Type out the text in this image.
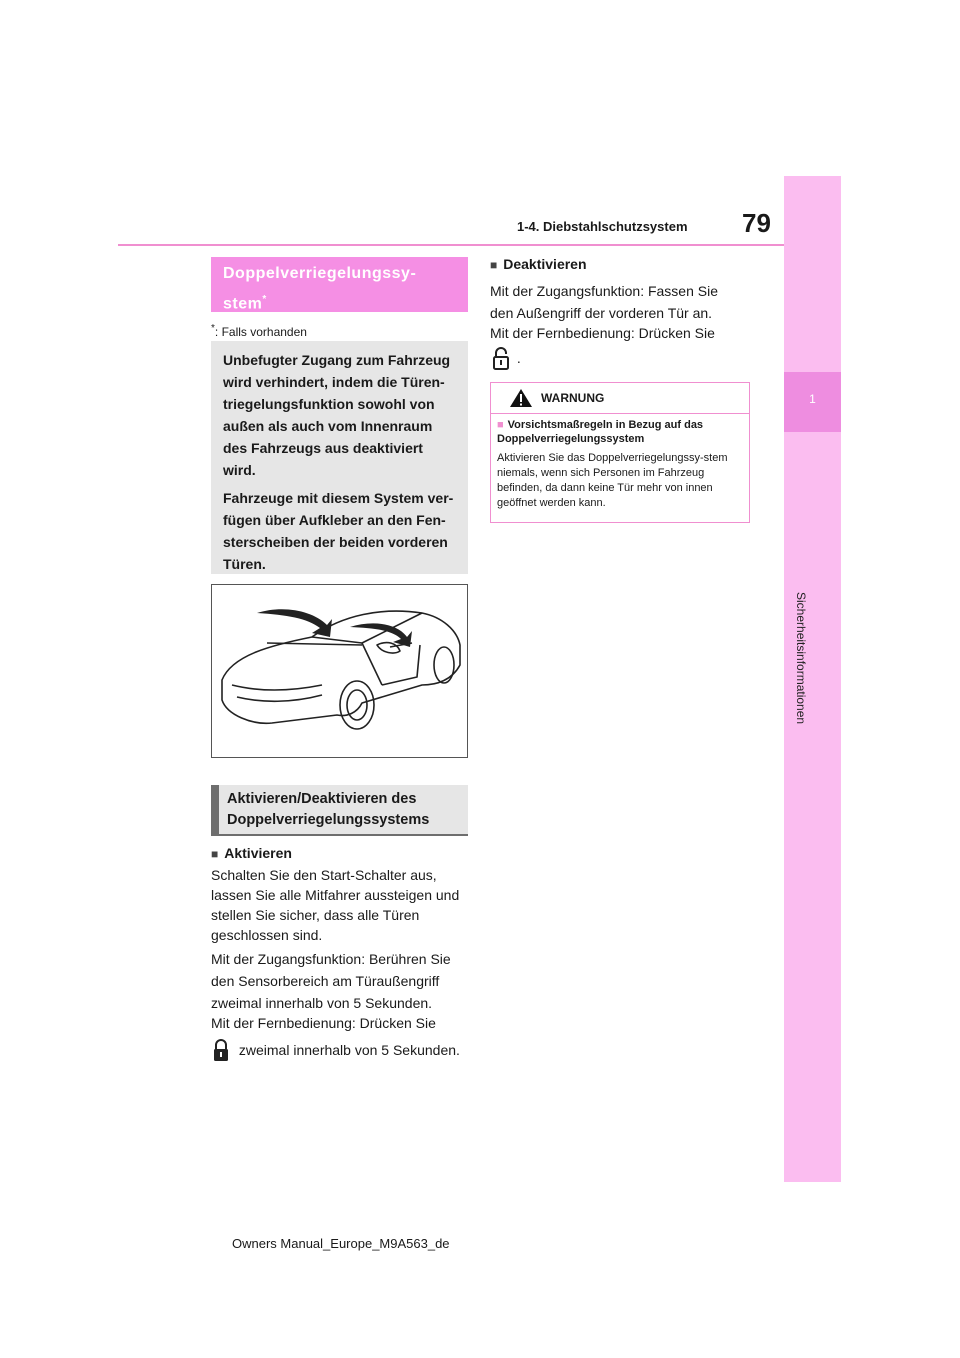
79
1-4. Diebstahlschutzsystem
1
Sicherheitsinformationen
Doppelverriegelungssy-stem*
*: Falls vorhanden

Unbefugter Zugang zum Fahrzeug wird verhindert, indem die Türen-triegelungsfunktion sowohl von außen als auch vom Innenraum des Fahrzeugs aus deaktiviert wird.

Fahrzeuge mit diesem System ver-fügen über Aufkleber an den Fen-sterscheiben der beiden vorderen Türen.

Aktivieren/Deaktivieren des Doppelverriegelungssystems
■ Aktivieren

Schalten Sie den Start-Schalter aus, lassen Sie alle Mitfahrer aussteigen und stellen Sie sicher, dass alle Türen geschlossen sind.

Mit der Zugangsfunktion: Berühren Sie den Sensorbereich am Türaußengriff zweimal innerhalb von 5 Sekunden.

Mit der Fernbedienung: Drücken Sie

zweimal innerhalb von 5 Sekunden.
■ Deaktivieren

Mit der Zugangsfunktion: Fassen Sie den Außengriff der vorderen Tür an.

Mit der Fernbedienung: Drücken Sie

.
WARNUNG
■ Vorsichtsmaßregeln in Bezug auf das Doppelverriegelungssystem
Aktivieren Sie das Doppelverriegelungssy-stem niemals, wenn sich Personen im Fahrzeug befinden, da dann keine Tür mehr von innen geöffnet werden kann.
Owners Manual_Europe_M9A563_de
